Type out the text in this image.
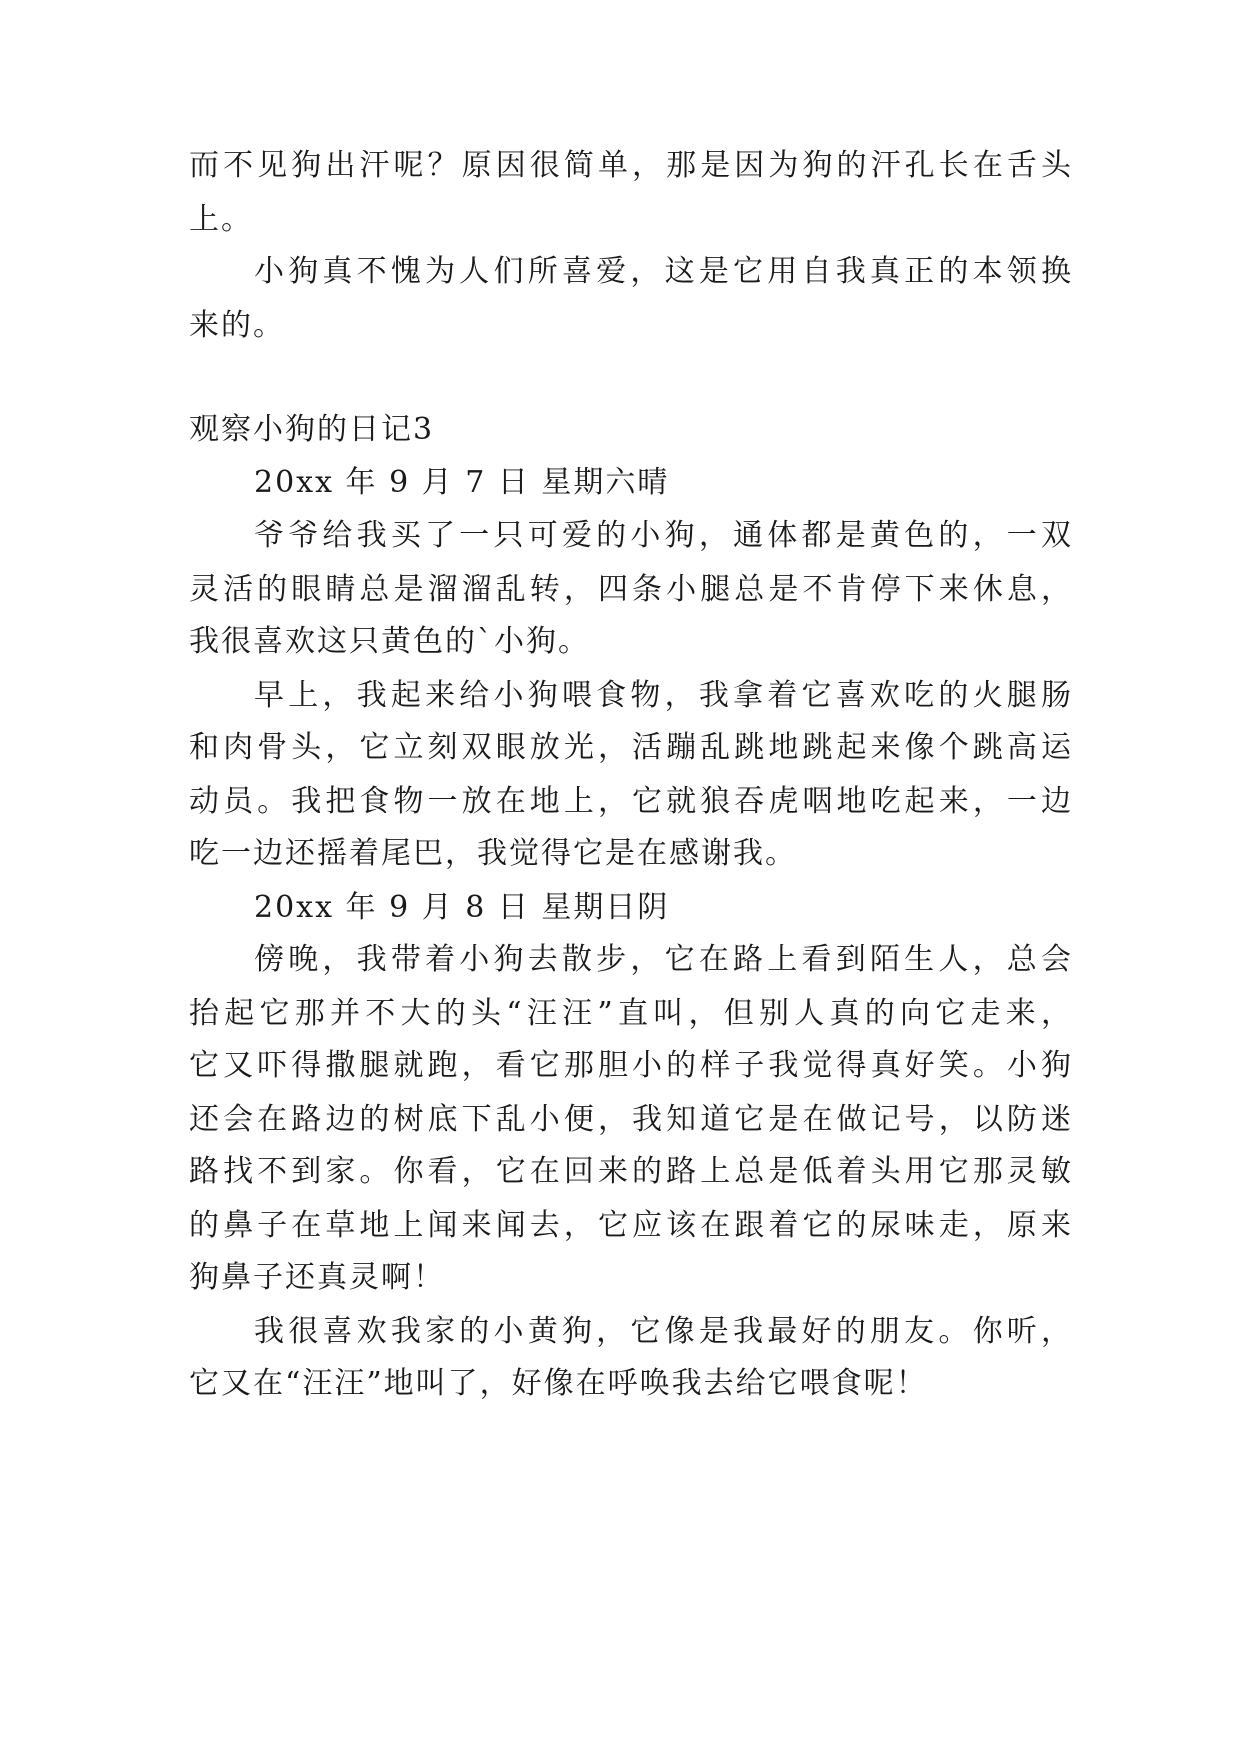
而不见狗出汗呢？原因很简单，那是因为狗的汗孔长在舌头
上。
小狗真不愧为人们所喜爱，这是它用自我真正的本领换
来的。
观察小狗的日记3
20xx 年 9 月 7 日 星期六晴
爷爷给我买了一只可爱的小狗，通体都是黄色的，一双
灵活的眼睛总是溜溜乱转，四条小腿总是不肯停下来休息，
我很喜欢这只黄色的`小狗。
早上，我起来给小狗喂食物，我拿着它喜欢吃的火腿肠
和肉骨头，它立刻双眼放光，活蹦乱跳地跳起来像个跳高运
动员。我把食物一放在地上，它就狼吞虎咽地吃起来，一边
吃一边还摇着尾巴，我觉得它是在感谢我。
20xx 年 9 月 8 日 星期日阴
傍晚，我带着小狗去散步，它在路上看到陌生人，总会
抬起它那并不大的头“汪汪”直叫，但别人真的向它走来，
它又吓得撒腿就跑，看它那胆小的样子我觉得真好笑。小狗
还会在路边的树底下乱小便，我知道它是在做记号，以防迷
路找不到家。你看，它在回来的路上总是低着头用它那灵敏
的鼻子在草地上闻来闻去，它应该在跟着它的尿味走，原来
狗鼻子还真灵啊！
我很喜欢我家的小黄狗，它像是我最好的朋友。你听，
它又在“汪汪”地叫了，好像在呼唤我去给它喂食呢！
